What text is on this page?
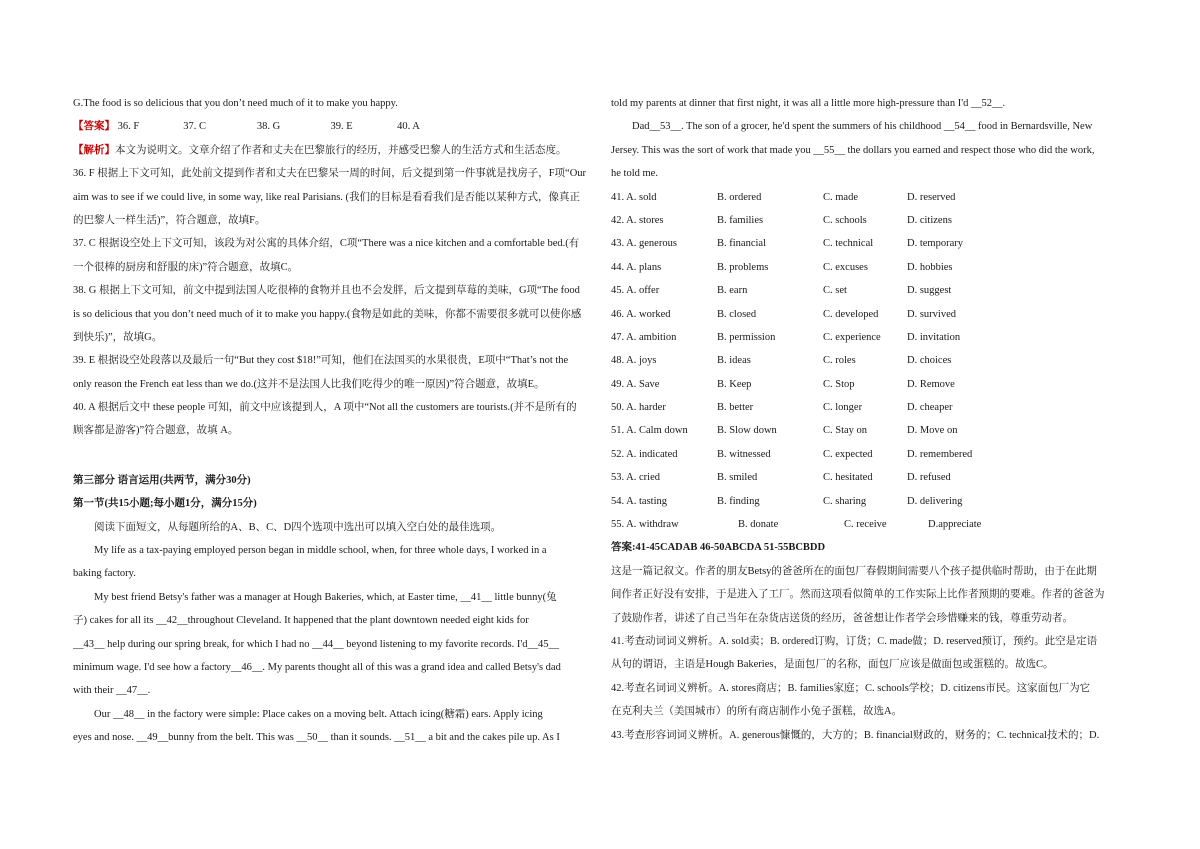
G.The food is so delicious that you don’t need much of it to make you happy.
【答案】 36. F	37. C	38. G	39. E	40. A
【解析】本文为说明文。文章介绍了作者和丈夫在巴黎旅行的经历，并感受巴黎人的生活方式和生活态度。
36. F 根据上下文可知，此处前文提到作者和丈夫在巴黎呆一周的时间，后文提到第一件事就是找房子，F项“Our
aim was to see if we could live, in some way, like real Parisians. (我们的目标是看看我们是否能以某种方式，像真正
的巴黎人一样生活)”，符合题意，故填F。
37. C 根据设空处上下文可知，该段为对公寓的具体介绍，C项“There was a nice kitchen and a comfortable bed.(有
一个很棒的厨房和舒服的床)”符合题意，故填C。
38. G 根据上下文可知，前文中提到法国人吃很棒的食物并且也不会发胖，后文提到草莓的美味，G项“The food
is so delicious that you don’t need much of it to make you happy.(食物是如此的美味，你都不需要很多就可以使你感
到快乐)”，故填G。
39. E 根据设空处段落以及最后一句“But they cost $18!”可知，他们在法国买的水果很贵，E项中“That’s not the
only reason the French eat less than we do.(这并不是法国人比我们吃得少的唯一原因)”符合题意，故填E。
40. A 根据后文中 these people 可知，前文中应该提到人，A 项中“Not all the customers are tourists.(并不是所有的
顾客都是游客)”符合题意，故填 A。
第三部分 语言运用(共两节，满分30分)
第一节(共15小题;每小题1分，满分15分)
阅读下面短文，从每题所给的A、B、C、D四个选项中选出可以填入空白处的最佳选项。
My life as a tax-paying employed person began in middle school, when, for three whole days, I worked in a
baking factory.
My best friend Betsy's father was a manager at Hough Bakeries, which, at Easter time, __41__ little bunny(兔
子) cakes for all its __42__throughout Cleveland. It happened that the plant downtown needed eight kids for
__43__ help during our spring break, for which I had no __44__ beyond listening to my favorite records. I'd__45__
minimum wage. I'd see how a factory__46__. My parents thought all of this was a grand idea and called Betsy's dad
with their __47__.
Our __48__ in the factory were simple: Place cakes on a moving belt. Attach icing(糖霜) ears. Apply icing
eyes and nose. __49__bunny from the belt. This was __50__ than it sounds. __51__ a bit and the cakes pile up. As I
told my parents at dinner that first night, it was all a little more high-pressure than I'd __52__.
Dad__53__. The son of a grocer, he'd spent the summers of his childhood __54__ food in Bernardsville, New
Jersey. This was the sort of work that made you __55__ the dollars you earned and respect those who did the work,
he told me.
41. A. sold	B. ordered	C. made	D. reserved
42. A. stores	B. families	C. schools	D. citizens
43. A. generous	B. financial	C. technical	D. temporary
44. A. plans	B. problems	C. excuses	D. hobbies
45. A. offer	B. earn	C. set	D. suggest
46. A. worked	B. closed	C. developed	D. survived
47. A. ambition	B. permission	C. experience	D. invitation
48. A. joys	B. ideas	C. roles	D. choices
49. A. Save	B. Keep	C. Stop	D. Remove
50. A. harder	B. better	C. longer	D. cheaper
51. A. Calm down	B. Slow down	C. Stay on	D. Move on
52. A. indicated	B. witnessed	C. expected	D. remembered
53. A. cried	B. smiled	C. hesitated	D. refused
54. A. tasting	B. finding	C. sharing	D. delivering
55. A. withdraw	B. donate	C. receive	D.appreciate
答案:41-45CADAB 46-50ABCDA 51-55BCBDD
这是一篇记叙文。作者的朋友Betsy的爸爸所在的面包厂春假期间需要八个孩子提供临时帮助，由于在此期
间作者正好没有安排，于是进入了工厂。然而这项看似简单的工作实际上比作者预期的要难。作者的爸爸为
了鼓励作者，讲述了自己当年在杂货店送货的经历，爸爸想让作者学会珍惜赚来的钱，尊重劳动者。
41.考查动词词义辨析。A. sold卖；B. ordered订购，订货；C. made做；D. reserved预订，预约。此空是定语
从句的谓语，主语是Hough Bakeries，是面包厂的名称，面包厂应该是做面包或蛋糕的。故选C。
42.考查名词词义辨析。A. stores商店；B. families家庭；C. schools学校；D. citizens市民。这家面包厂为它
在克利夫兰（美国城市）的所有商店制作小兔子蛋糕，故选A。
43.考查形容词词义辨析。A. generous慷慨的，大方的；B. financial财政的，财务的；C. technical技术的；D.
